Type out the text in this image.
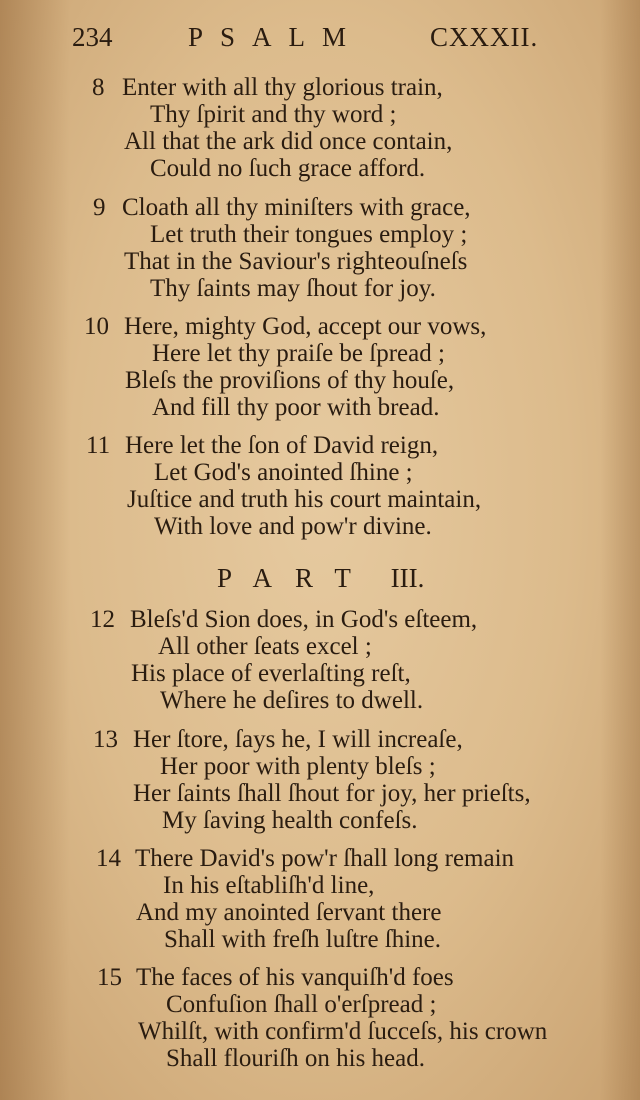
234	PSALM CXXXII.
8 Enter with all thy glorious train,
Thy ſpirit and thy word ;
All that the ark did once contain,
Could no ſuch grace afford.
9 Cloath all thy miniſters with grace,
Let truth their tongues employ ;
That in the Saviour's righteouſneſs
Thy ſaints may ſhout for joy.
10 Here, mighty God, accept our vows,
Here let thy praiſe be ſpread ;
Bleſs the proviſions of thy houſe,
And fill thy poor with bread.
11 Here let the ſon of David reign,
Let God's anointed ſhine ;
Juſtice and truth his court maintain,
With love and pow'r divine.
PART III.
12 Bleſs'd Sion does, in God's eſteem,
All other ſeats excel ;
His place of everlaſting reſt,
Where he deſires to dwell.
13 Her ſtore, ſays he, I will increaſe,
Her poor with plenty bleſs ;
Her ſaints ſhall ſhout for joy, her prieſts,
My ſaving health confeſs.
14 There David's pow'r ſhall long remain
In his eſtabliſh'd line,
And my anointed ſervant there
Shall with freſh luſtre ſhine.
15 The faces of his vanquiſh'd foes
Confuſion ſhall o'erſpread ;
Whilſt, with confirm'd ſucceſs, his crown
Shall flouriſh on his head.
